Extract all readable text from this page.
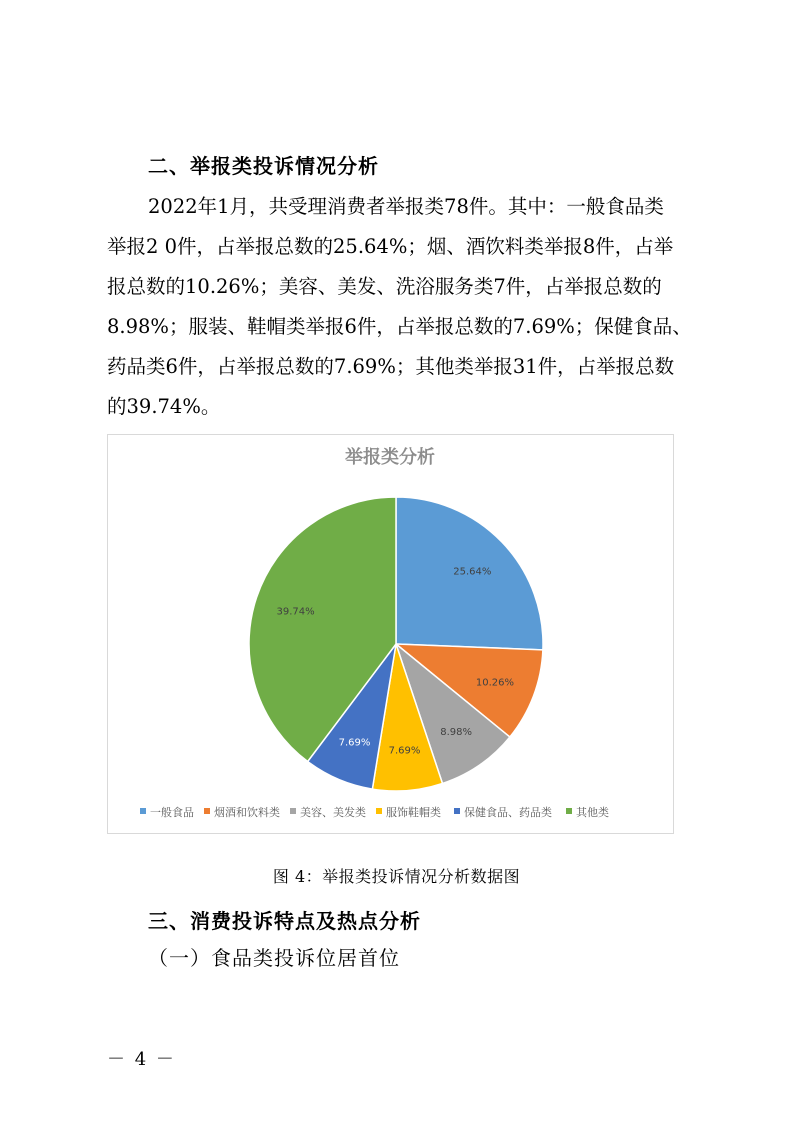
二、举报类投诉情况分析

2022年1月，共受理消费者举报类78件。其中：一般食品类

举报2 0件，占举报总数的25.64%；烟、酒饮料类举报8件，占举

报总数的10.26%；美容、美发、洗浴服务类7件，占举报总数的

8.98%；服装、鞋帽类举报6件，占举报总数的7.69%；保健食品、

药品类6件，占举报总数的7.69%；其他类举报31件，占举报总数

的39.74%。

举报类分析
25.64%
10.26%
8.98%
7.69%
7.69%
39.74%
一般食品 烟酒和饮料类 美容、美发类 服饰鞋帽类 保健食品、药品类 其他类
图 4：举报类投诉情况分析数据图
三、消费投诉特点及热点分析
（一）食品类投诉位居首位
－ 4 －
